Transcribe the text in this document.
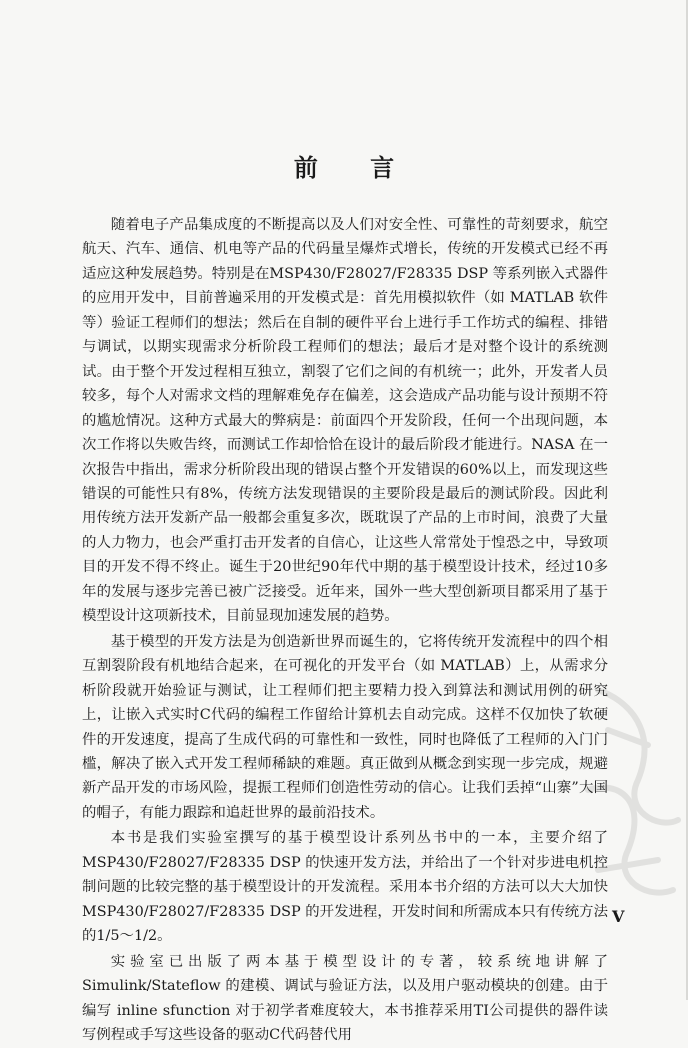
前 言

随着电子产品集成度的不断提高以及人们对安全性、可靠性的苛刻要求，航空航天、汽车、通信、机电等产品的代码量呈爆炸式增长，传统的开发模式已经不再适应这种发展趋势。特别是在MSP430/F28027/F28335 DSP 等系列嵌入式器件的应用开发中，目前普遍采用的开发模式是：首先用模拟软件（如 MATLAB 软件等）验证工程师们的想法；然后在自制的硬件平台上进行手工作坊式的编程、排错与调试，以期实现需求分析阶段工程师们的想法；最后才是对整个设计的系统测试。由于整个开发过程相互独立，割裂了它们之间的有机统一；此外，开发者人员较多，每个人对需求文档的理解难免存在偏差，这会造成产品功能与设计预期不符的尴尬情况。这种方式最大的弊病是：前面四个开发阶段，任何一个出现问题，本次工作将以失败告终，而测试工作却恰恰在设计的最后阶段才能进行。NASA 在一次报告中指出，需求分析阶段出现的错误占整个开发错误的60%以上，而发现这些错误的可能性只有8%，传统方法发现错误的主要阶段是最后的测试阶段。因此利用传统方法开发新产品一般都会重复多次，既耽误了产品的上市时间，浪费了大量的人力物力，也会严重打击开发者的自信心，让这些人常常处于惶恐之中，导致项目的开发不得不终止。诞生于20世纪90年代中期的基于模型设计技术，经过10多年的发展与逐步完善已被广泛接受。近年来，国外一些大型创新项目都采用了基于模型设计这项新技术，目前显现加速发展的趋势。

基于模型的开发方法是为创造新世界而诞生的，它将传统开发流程中的四个相互割裂阶段有机地结合起来，在可视化的开发平台（如 MATLAB）上，从需求分析阶段就开始验证与测试，让工程师们把主要精力投入到算法和测试用例的研究上，让嵌入式实时C代码的编程工作留给计算机去自动完成。这样不仅加快了软硬件的开发速度，提高了生成代码的可靠性和一致性，同时也降低了工程师的入门门槛，解决了嵌入式开发工程师稀缺的难题。真正做到从概念到实现一步完成，规避新产品开发的市场风险，提振工程师们创造性劳动的信心。让我们丢掉“山寨”大国的帽子，有能力跟踪和追赶世界的最前沿技术。

本书是我们实验室撰写的基于模型设计系列丛书中的一本，主要介绍了MSP430/F28027/F28335 DSP 的快速开发方法，并给出了一个针对步进电机控制问题的比较完整的基于模型设计的开发流程。采用本书介绍的方法可以大大加快 MSP430/F28027/F28335 DSP 的开发进程，开发时间和所需成本只有传统方法的1/5～1/2。

实验室已出版了两本基于模型设计的专著，较系统地讲解了 Simulink/Stateflow 的建模、调试与验证方法，以及用户驱动模块的创建。由于编写 inline sfunction 对于初学者难度较大，本书推荐采用TI公司提供的器件读写例程或手写这些设备的驱动C代码替代用

V
